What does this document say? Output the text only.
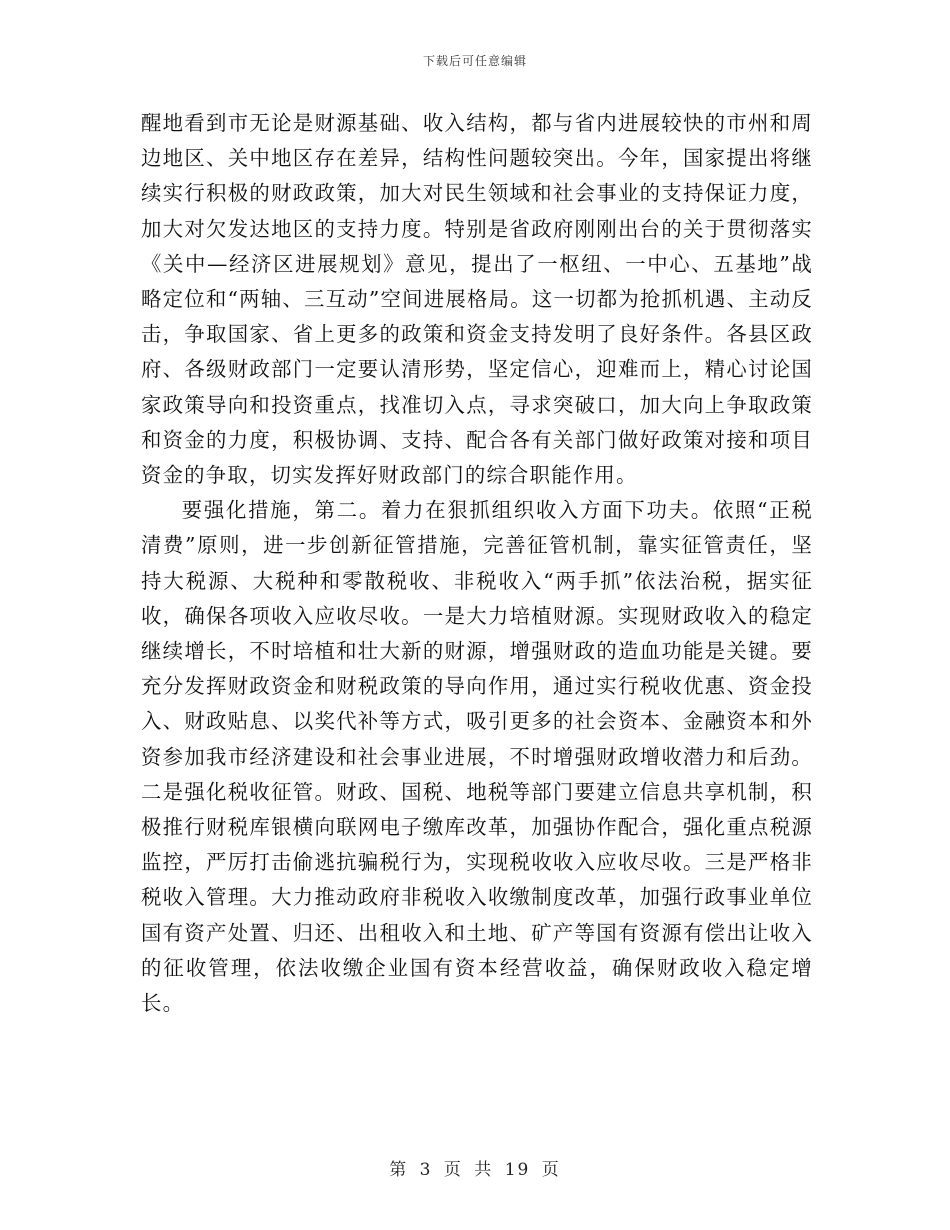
下载后可任意编辑

醒地看到市无论是财源基础、收入结构，都与省内进展较快的市州和周边地区、关中地区存在差异，结构性问题较突出。今年，国家提出将继续实行积极的财政政策，加大对民生领域和社会事业的支持保证力度，加大对欠发达地区的支持力度。特别是省政府刚刚出台的关于贯彻落实《关中—经济区进展规划》意见，提出了一枢纽、一中心、五基地”战略定位和“两轴、三互动”空间进展格局。这一切都为抢抓机遇、主动反击，争取国家、省上更多的政策和资金支持发明了良好条件。各县区政府、各级财政部门一定要认清形势，坚定信心，迎难而上，精心讨论国家政策导向和投资重点，找准切入点，寻求突破口，加大向上争取政策和资金的力度，积极协调、支持、配合各有关部门做好政策对接和项目资金的争取，切实发挥好财政部门的综合职能作用。

要强化措施，第二。着力在狠抓组织收入方面下功夫。依照“正税清费”原则，进一步创新征管措施，完善征管机制，靠实征管责任，坚持大税源、大税种和零散税收、非税收入“两手抓”依法治税，据实征收，确保各项收入应收尽收。一是大力培植财源。实现财政收入的稳定继续增长，不时培植和壮大新的财源，增强财政的造血功能是关键。要充分发挥财政资金和财税政策的导向作用，通过实行税收优惠、资金投入、财政贴息、以奖代补等方式，吸引更多的社会资本、金融资本和外资参加我市经济建设和社会事业进展，不时增强财政增收潜力和后劲。二是强化税收征管。财政、国税、地税等部门要建立信息共享机制，积极推行财税库银横向联网电子缴库改革，加强协作配合，强化重点税源监控，严厉打击偷逃抗骗税行为，实现税收收入应收尽收。三是严格非税收入管理。大力推动政府非税收入收缴制度改革，加强行政事业单位国有资产处置、归还、出租收入和土地、矿产等国有资源有偿出让收入的征收管理，依法收缴企业国有资本经营收益，确保财政收入稳定增长。

第 3 页 共 19 页
